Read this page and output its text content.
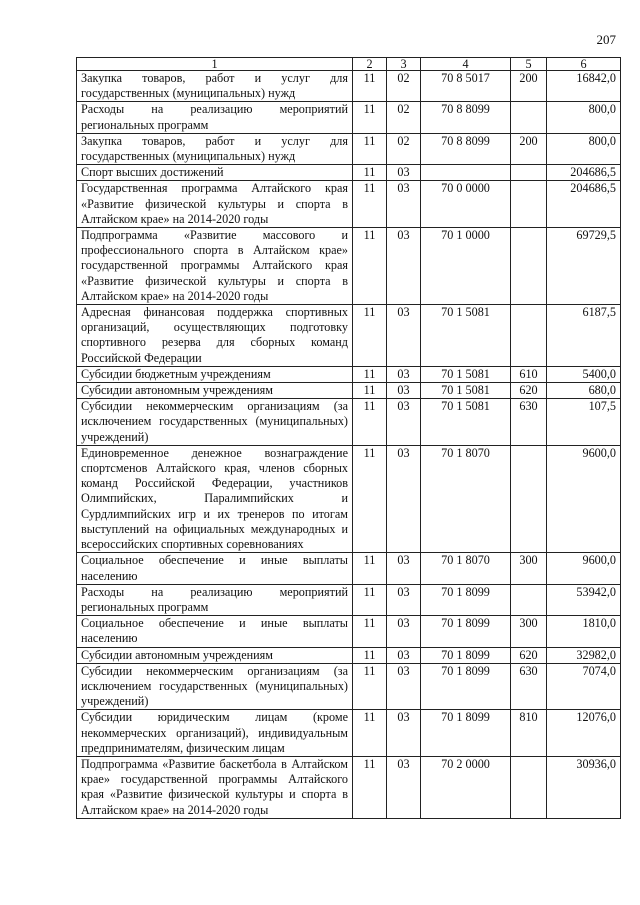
207
1	2	3	4	5	6
Закупка товаров, работ и услуг для государственных (муниципальных) нужд	11	02	70 8 5017	200	16842,0
Расходы на реализацию мероприятий региональных программ	11	02	70 8 8099		800,0
Закупка товаров, работ и услуг для государственных (муниципальных) нужд	11	02	70 8 8099	200	800,0
Спорт высших достижений	11	03			204686,5
Государственная программа Алтайского края «Развитие физической культуры и спорта в Алтайском крае» на 2014-2020 годы	11	03	70 0 0000		204686,5
Подпрограмма «Развитие массового и профессионального спорта в Алтайском крае» государственной программы Алтайского края «Развитие физической культуры и спорта в Алтайском крае» на 2014-2020 годы	11	03	70 1 0000		69729,5
Адресная финансовая поддержка спортивных организаций, осуществляющих подготовку спортивного резерва для сборных команд Российской Федерации	11	03	70 1 5081		6187,5
Субсидии бюджетным учреждениям	11	03	70 1 5081	610	5400,0
Субсидии автономным учреждениям	11	03	70 1 5081	620	680,0
Субсидии некоммерческим организациям (за исключением государственных (муниципальных) учреждений)	11	03	70 1 5081	630	107,5
Единовременное денежное вознаграждение спортсменов Алтайского края, членов сборных команд Российской Федерации, участников Олимпийских, Паралимпийских и Сурдлимпийских игр и их тренеров по итогам выступлений на официальных международных и всероссийских спортивных соревнованиях	11	03	70 1 8070		9600,0
Социальное обеспечение и иные выплаты населению	11	03	70 1 8070	300	9600,0
Расходы на реализацию мероприятий региональных программ	11	03	70 1 8099		53942,0
Социальное обеспечение и иные выплаты населению	11	03	70 1 8099	300	1810,0
Субсидии автономным учреждениям	11	03	70 1 8099	620	32982,0
Субсидии некоммерческим организациям (за исключением государственных (муниципальных) учреждений)	11	03	70 1 8099	630	7074,0
Субсидии юридическим лицам (кроме некоммерческих организаций), индивидуальным предпринимателям, физическим лицам	11	03	70 1 8099	810	12076,0
Подпрограмма «Развитие баскетбола в Алтайском крае» государственной программы Алтайского края «Развитие физической культуры и спорта в Алтайском крае» на 2014-2020 годы	11	03	70 2 0000		30936,0
